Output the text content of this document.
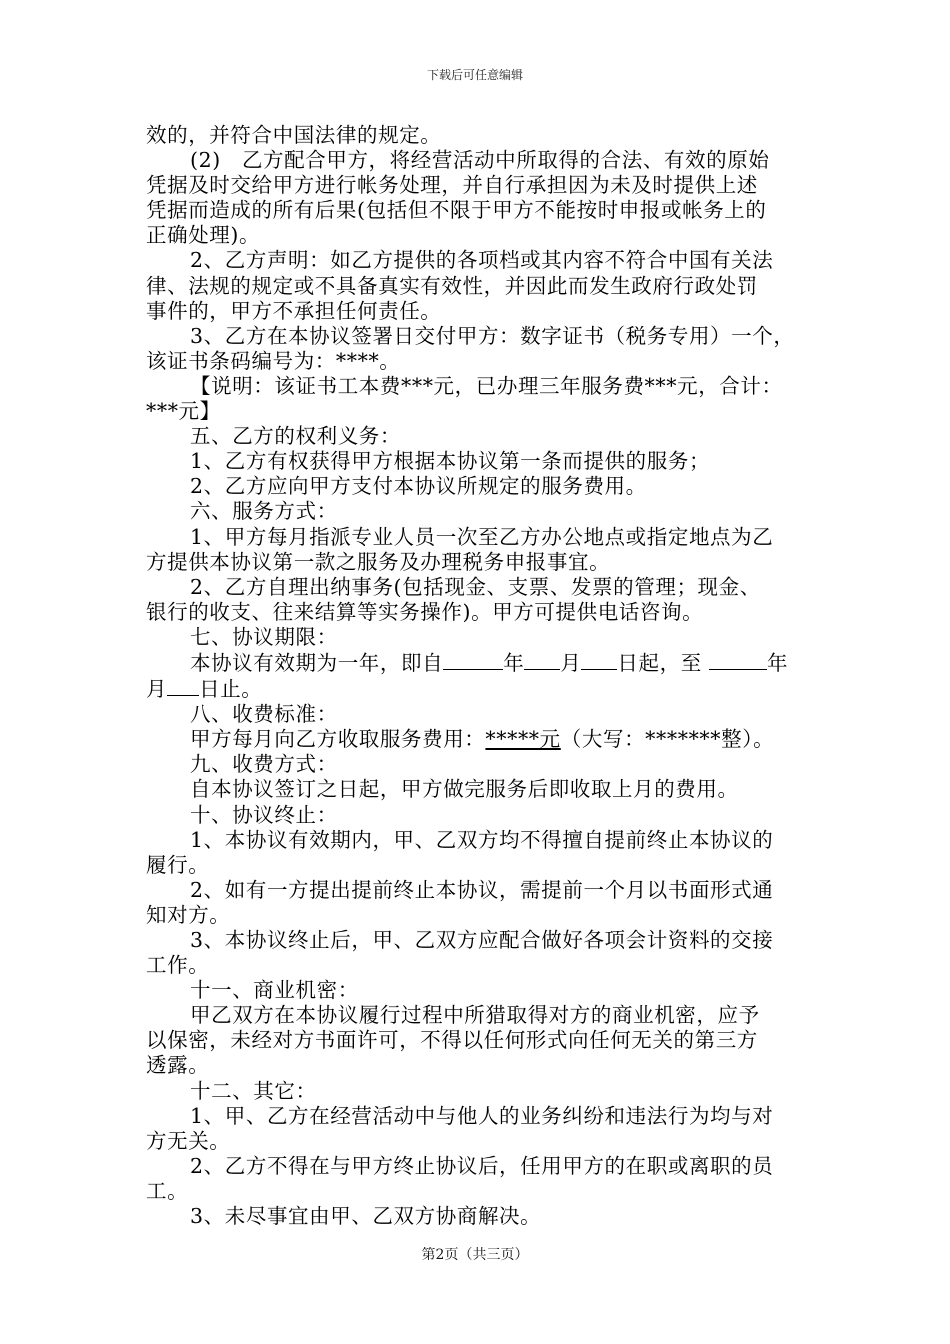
下载后可任意编辑
效的，并符合中国法律的规定。
(2)　乙方配合甲方，将经营活动中所取得的合法、有效的原始
凭据及时交给甲方进行帐务处理，并自行承担因为未及时提供上述
凭据而造成的所有后果(包括但不限于甲方不能按时申报或帐务上的
正确处理)。
2、乙方声明：如乙方提供的各项档或其内容不符合中国有关法
律、法规的规定或不具备真实有效性，并因此而发生政府行政处罚
事件的，甲方不承担任何责任。
3、乙方在本协议签署日交付甲方：数字证书（税务专用）一个，
该证书条码编号为：****。
【说明：该证书工本费***元，已办理三年服务费***元，合计：
***元】
五、乙方的权利义务：
1、乙方有权获得甲方根据本协议第一条而提供的服务；
2、乙方应向甲方支付本协议所规定的服务费用。
六、服务方式：
1、甲方每月指派专业人员一次至乙方办公地点或指定地点为乙
方提供本协议第一款之服务及办理税务申报事宜。
2、乙方自理出纳事务(包括现金、支票、发票的管理；现金、
银行的收支、往来结算等实务操作)。甲方可提供电话咨询。
七、协议期限：
本协议有效期为一年，即自	年 月 日起，至	年
月 日止。
八、收费标准：
甲方每月向乙方收取服务费用：*****元（大写：*******整）。
九、收费方式：
自本协议签订之日起，甲方做完服务后即收取上月的费用。
十、协议终止：
1、本协议有效期内，甲、乙双方均不得擅自提前终止本协议的
履行。
2、如有一方提出提前终止本协议，需提前一个月以书面形式通
知对方。
3、本协议终止后，甲、乙双方应配合做好各项会计资料的交接
工作。
十一、商业机密：
甲乙双方在本协议履行过程中所猎取得对方的商业机密，应予
以保密，未经对方书面许可，不得以任何形式向任何无关的第三方
透露。
十二、其它：
1、甲、乙方在经营活动中与他人的业务纠纷和违法行为均与对
方无关。
2、乙方不得在与甲方终止协议后，任用甲方的在职或离职的员
工。
3、未尽事宜由甲、乙双方协商解决。
第2页（共三页）
